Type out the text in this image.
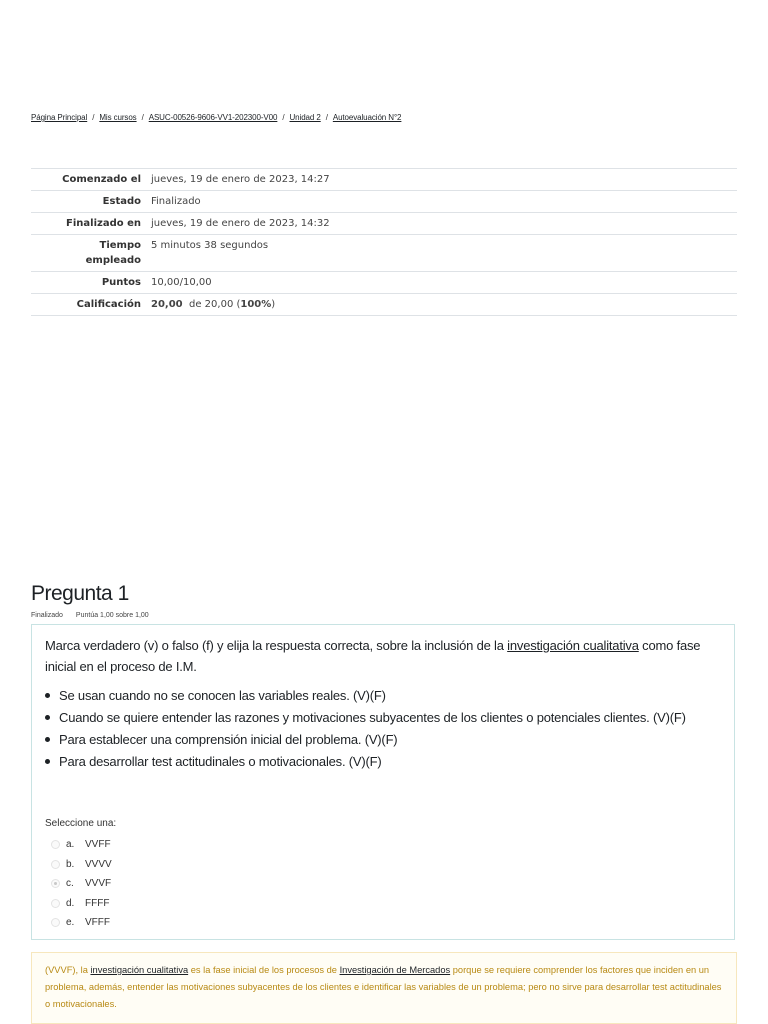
Página Principal / Mis cursos / ASUC-00526-9606-VV1-202300-V00 / Unidad 2 / Autoevaluación N°2
Comenzado el	jueves, 19 de enero de 2023, 14:27
Estado	Finalizado
Finalizado en	jueves, 19 de enero de 2023, 14:32
Tiempo
empleado	5 minutos 38 segundos
Puntos	10,00/10,00
Calificación	20,00 de 20,00 (100%)
Pregunta 1
Finalizado Puntúa 1,00 sobre 1,00
Marca verdadero (v) o falso (f) y elija la respuesta correcta, sobre la inclusión de la investigación cualitativa como fase inicial en el proceso de I.M.
Se usan cuando no se conocen las variables reales. (V)(F)
Cuando se quiere entender las razones y motivaciones subyacentes de los clientes o potenciales clientes. (V)(F)
Para establecer una comprensión inicial del problema. (V)(F)
Para desarrollar test actitudinales o motivacionales. (V)(F)
Seleccione una:
a.	VVFF
b.	VVVV
c.	VVVF
d.	FFFF
e.	VFFF

(VVVF), la investigación cualitativa es la fase inicial de los procesos de Investigación de Mercados porque se requiere comprender los factores que inciden en un problema, además, entender las motivaciones subyacentes de los clientes e identificar las variables de un problema; pero no sirve para desarrollar test actitudinales o motivacionales.
